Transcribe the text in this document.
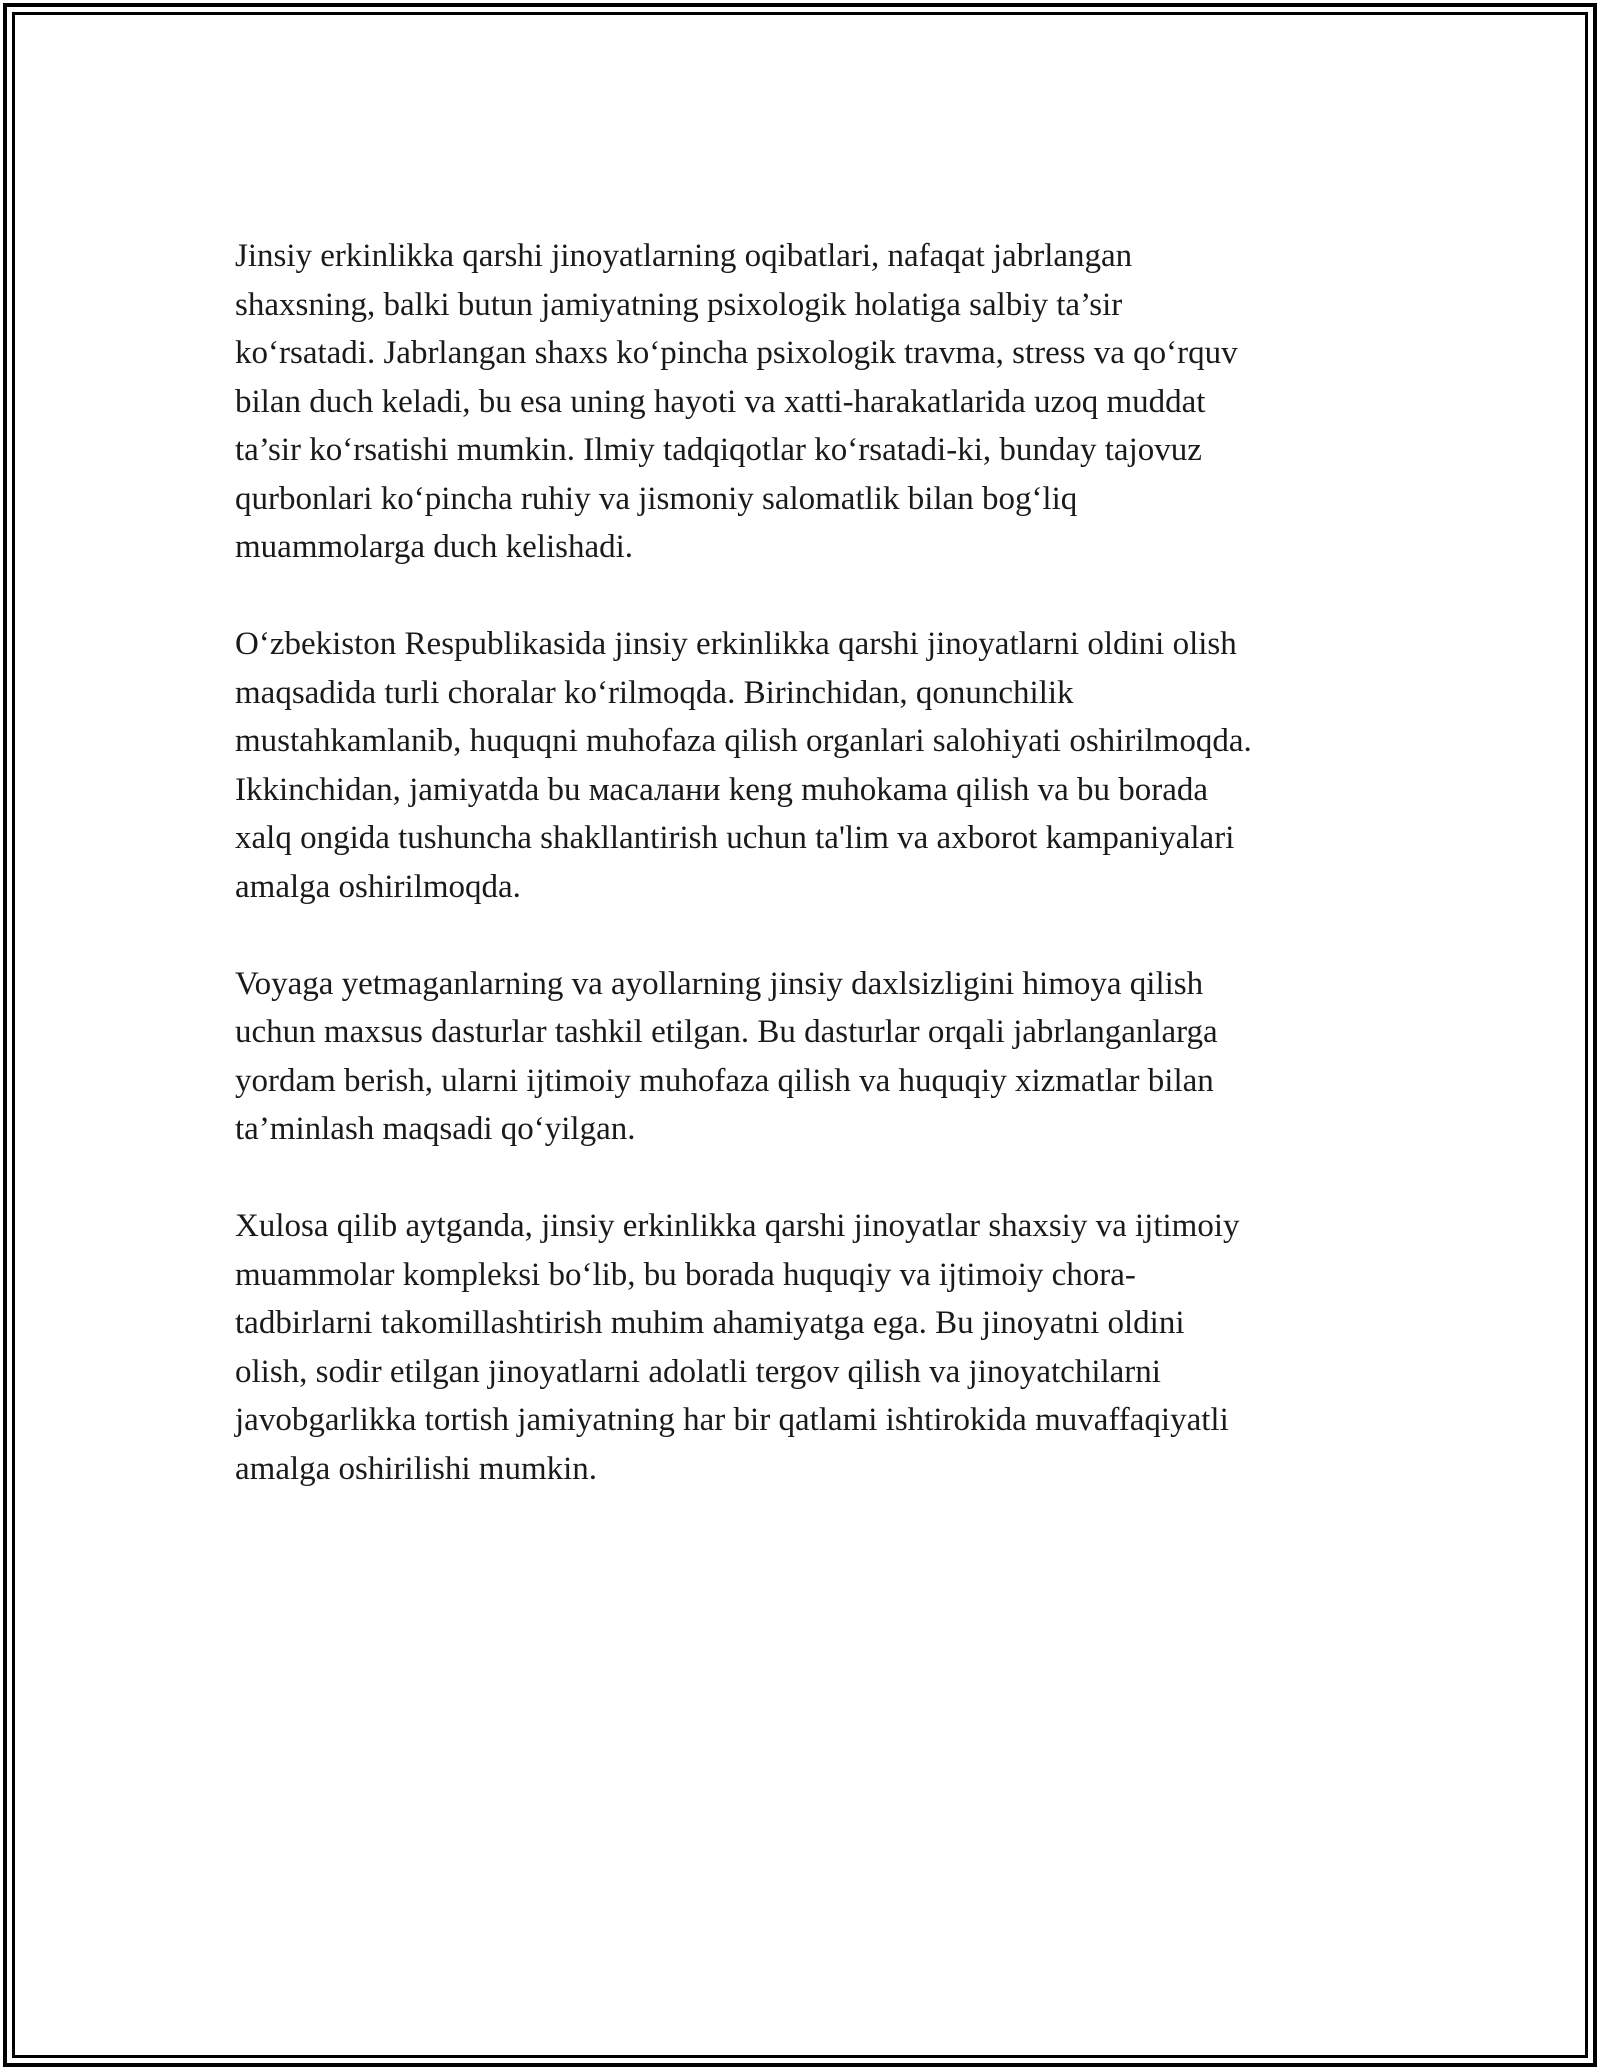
Jinsiy erkinlikka qarshi jinoyatlarning oqibatlari, nafaqat jabrlangan
shaxsning, balki butun jamiyatning psixologik holatiga salbiy ta’sir
ko‘rsatadi. Jabrlangan shaxs ko‘pincha psixologik travma, stress va qo‘rquv
bilan duch keladi, bu esa uning hayoti va xatti-harakatlarida uzoq muddat
ta’sir ko‘rsatishi mumkin. Ilmiy tadqiqotlar ko‘rsatadi-ki, bunday tajovuz
qurbonlari ko‘pincha ruhiy va jismoniy salomatlik bilan bog‘liq
muammolarga duch kelishadi.

O‘zbekiston Respublikasida jinsiy erkinlikka qarshi jinoyatlarni oldini olish
maqsadida turli choralar ko‘rilmoqda. Birinchidan, qonunchilik
mustahkamlanib, huquqni muhofaza qilish organlari salohiyati oshirilmoqda.
Ikkinchidan, jamiyatda bu масалани keng muhokama qilish va bu borada
xalq ongida tushuncha shakllantirish uchun ta'lim va axborot kampaniyalari
amalga oshirilmoqda.

Voyaga yetmaganlarning va ayollarning jinsiy daxlsizligini himoya qilish
uchun maxsus dasturlar tashkil etilgan. Bu dasturlar orqali jabrlanganlarga
yordam berish, ularni ijtimoiy muhofaza qilish va huquqiy xizmatlar bilan
ta’minlash maqsadi qo‘yilgan.

Xulosa qilib aytganda, jinsiy erkinlikka qarshi jinoyatlar shaxsiy va ijtimoiy
muammolar kompleksi bo‘lib, bu borada huquqiy va ijtimoiy chora-
tadbirlarni takomillashtirish muhim ahamiyatga ega. Bu jinoyatni oldini
olish, sodir etilgan jinoyatlarni adolatli tergov qilish va jinoyatchilarni
javobgarlikka tortish jamiyatning har bir qatlami ishtirokida muvaffaqiyatli
amalga oshirilishi mumkin.
